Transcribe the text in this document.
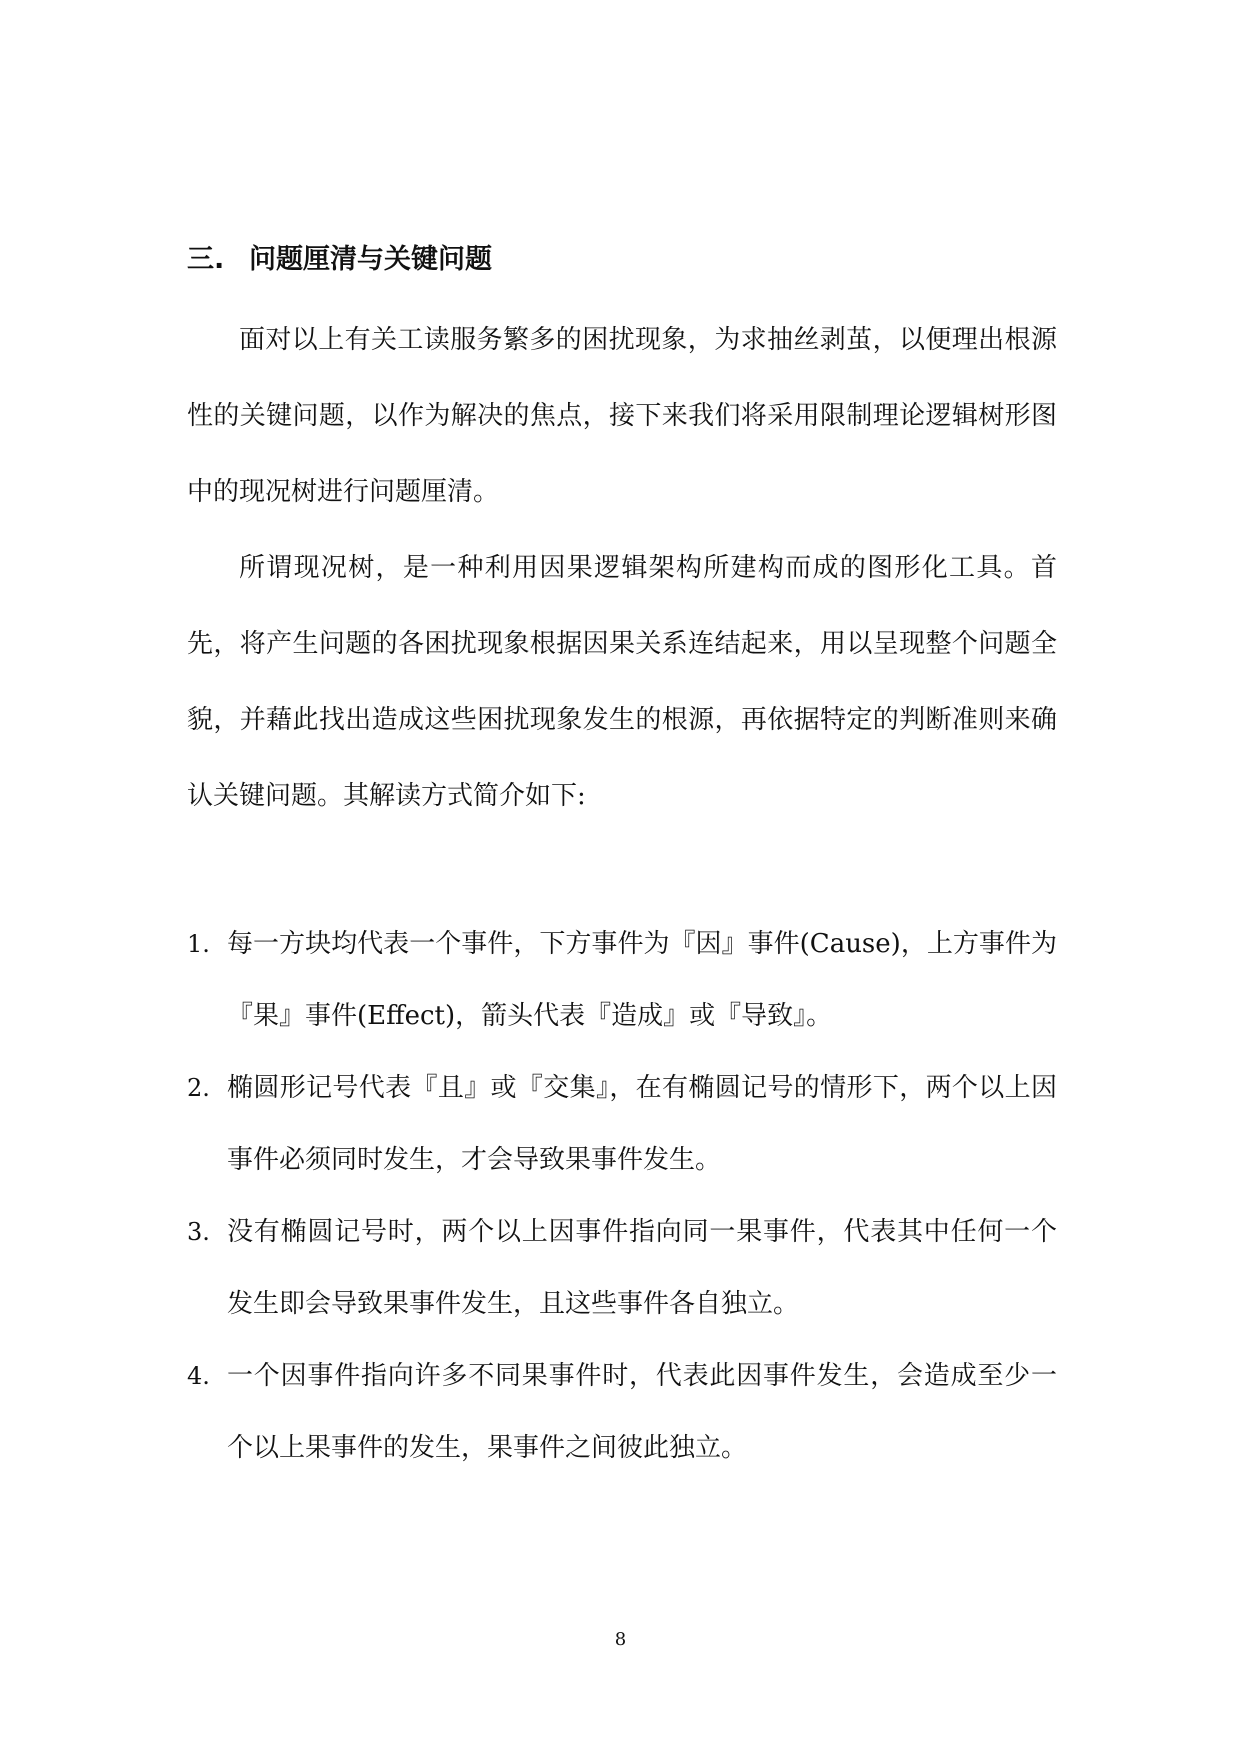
三. 问题厘清与关键问题

面对以上有关工读服务繁多的困扰现象，为求抽丝剥茧，以便理出根源性的关键问题，以作为解决的焦点，接下来我们将采用限制理论逻辑树形图中的现况树进行问题厘清。

所谓现况树，是一种利用因果逻辑架构所建构而成的图形化工具。首先，将产生问题的各困扰现象根据因果关系连结起来，用以呈现整个问题全貌，并藉此找出造成这些困扰现象发生的根源，再依据特定的判断准则来确认关键问题。其解读方式简介如下:

1. 每一方块均代表一个事件，下方事件为『因』事件(Cause)，上方事件为『果』事件(Effect)，箭头代表『造成』或『导致』。
2. 椭圆形记号代表『且』或『交集』，在有椭圆记号的情形下，两个以上因事件必须同时发生，才会导致果事件发生。
3. 没有椭圆记号时，两个以上因事件指向同一果事件，代表其中任何一个发生即会导致果事件发生，且这些事件各自独立。
4. 一个因事件指向许多不同果事件时，代表此因事件发生，会造成至少一个以上果事件的发生，果事件之间彼此独立。
8
